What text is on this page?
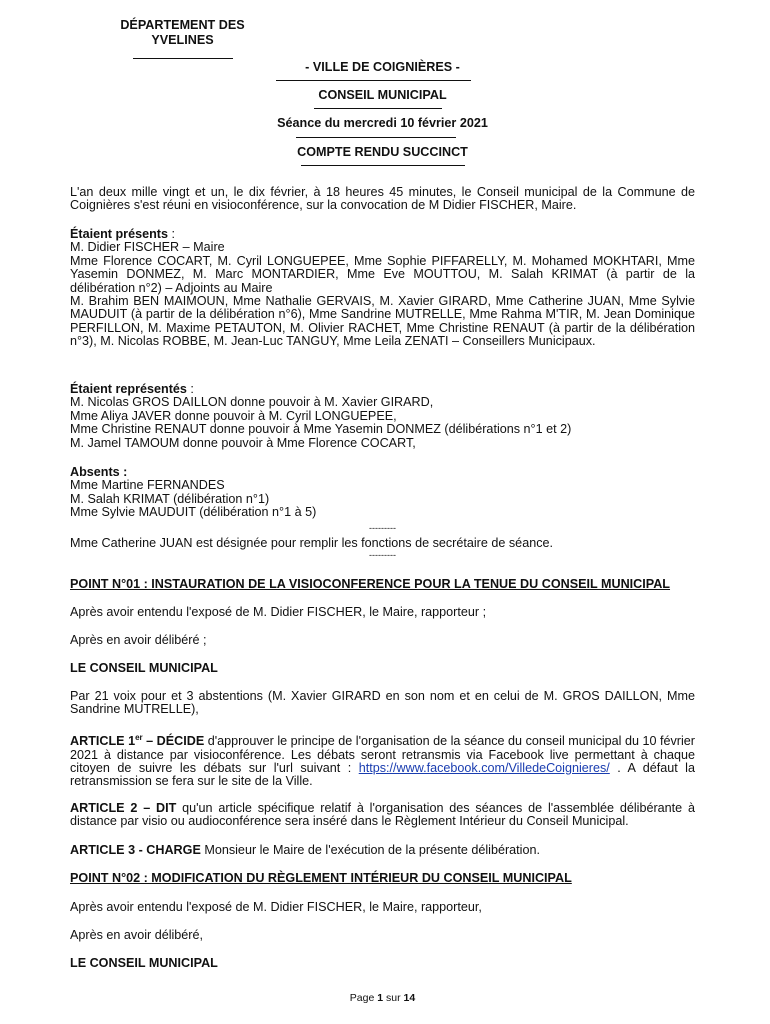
DÉPARTEMENT DES
YVELINES
- VILLE DE COIGNIÈRES -
CONSEIL MUNICIPAL
Séance du mercredi 10 février 2021
COMPTE RENDU SUCCINCT
L'an deux mille vingt et un, le dix février, à 18 heures 45 minutes, le Conseil municipal de la Commune de Coignières s'est réuni en visioconférence, sur la convocation de M Didier FISCHER, Maire.
Étaient présents :
M. Didier FISCHER – Maire
Mme Florence COCART, M. Cyril LONGUEPEE, Mme Sophie PIFFARELLY, M. Mohamed MOKHTARI, Mme Yasemin DONMEZ, M. Marc MONTARDIER, Mme Eve MOUTTOU, M. Salah KRIMAT (à partir de la délibération n°2) – Adjoints au Maire
M. Brahim BEN MAIMOUN, Mme Nathalie GERVAIS, M. Xavier GIRARD, Mme Catherine JUAN, Mme Sylvie MAUDUIT (à partir de la délibération n°6), Mme Sandrine MUTRELLE, Mme Rahma M'TIR, M. Jean Dominique PERFILLON, M. Maxime PETAUTON, M. Olivier RACHET, Mme Christine RENAUT (à partir de la délibération n°3), M. Nicolas ROBBE, M. Jean-Luc TANGUY, Mme Leila ZENATI – Conseillers Municipaux.
Étaient représentés :
M. Nicolas GROS DAILLON donne pouvoir à M. Xavier GIRARD,
Mme Aliya JAVER donne pouvoir à M. Cyril LONGUEPEE,
Mme Christine RENAUT donne pouvoir à Mme Yasemin DONMEZ (délibérations n°1 et 2)
M. Jamel TAMOUM donne pouvoir à Mme Florence COCART,
Absents :
Mme Martine FERNANDES
M. Salah KRIMAT (délibération n°1)
Mme Sylvie MAUDUIT (délibération n°1 à 5)
---------
Mme Catherine JUAN est désignée pour remplir les fonctions de secrétaire de séance.
---------
POINT N°01 : INSTAURATION DE LA VISIOCONFERENCE POUR LA TENUE DU CONSEIL MUNICIPAL
Après avoir entendu l'exposé de M. Didier FISCHER, le Maire, rapporteur ;
Après en avoir délibéré ;
LE CONSEIL MUNICIPAL
Par 21 voix pour et 3 abstentions (M. Xavier GIRARD en son nom et en celui de M. GROS DAILLON, Mme Sandrine MUTRELLE),
ARTICLE 1er – DÉCIDE d'approuver le principe de l'organisation de la séance du conseil municipal du 10 février 2021 à distance par visioconférence. Les débats seront retransmis via Facebook live permettant à chaque citoyen de suivre les débats sur l'url suivant : https://www.facebook.com/VilledeCoignieres/ . A défaut la retransmission se fera sur le site de la Ville.
ARTICLE 2 – DIT qu'un article spécifique relatif à l'organisation des séances de l'assemblée délibérante à distance par visio ou audioconférence sera inséré dans le Règlement Intérieur du Conseil Municipal.
ARTICLE 3 - CHARGE Monsieur le Maire de l'exécution de la présente délibération.
POINT N°02 : MODIFICATION DU RÈGLEMENT INTÉRIEUR DU CONSEIL MUNICIPAL
Après avoir entendu l'exposé de M. Didier FISCHER, le Maire, rapporteur,
Après en avoir délibéré,
LE CONSEIL MUNICIPAL
Page 1 sur 14
